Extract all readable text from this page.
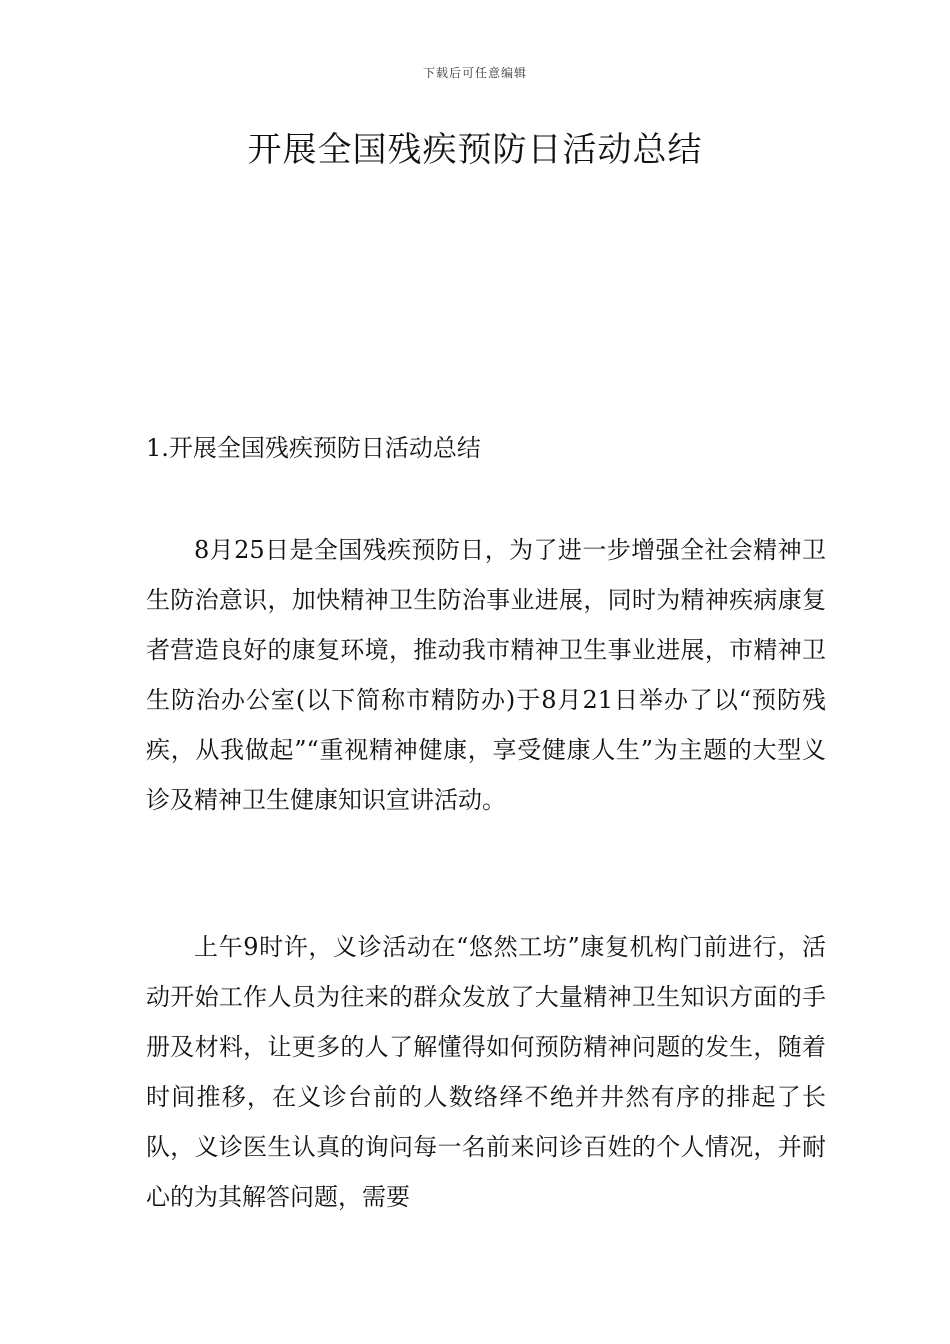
下载后可任意编辑
开展全国残疾预防日活动总结

1.开展全国残疾预防日活动总结

8月25日是全国残疾预防日，为了进一步增强全社会精神卫生防治意识，加快精神卫生防治事业进展，同时为精神疾病康复者营造良好的康复环境，推动我市精神卫生事业进展，市精神卫生防治办公室(以下简称市精防办)于8月21日举办了以“预防残疾，从我做起”“重视精神健康，享受健康人生”为主题的大型义诊及精神卫生健康知识宣讲活动。

上午9时许，义诊活动在“悠然工坊”康复机构门前进行，活动开始工作人员为往来的群众发放了大量精神卫生知识方面的手册及材料，让更多的人了解懂得如何预防精神问题的发生，随着时间推移，在义诊台前的人数络绎不绝并井然有序的排起了长队，义诊医生认真的询问每一名前来问诊百姓的个人情况，并耐心的为其解答问题，需要
